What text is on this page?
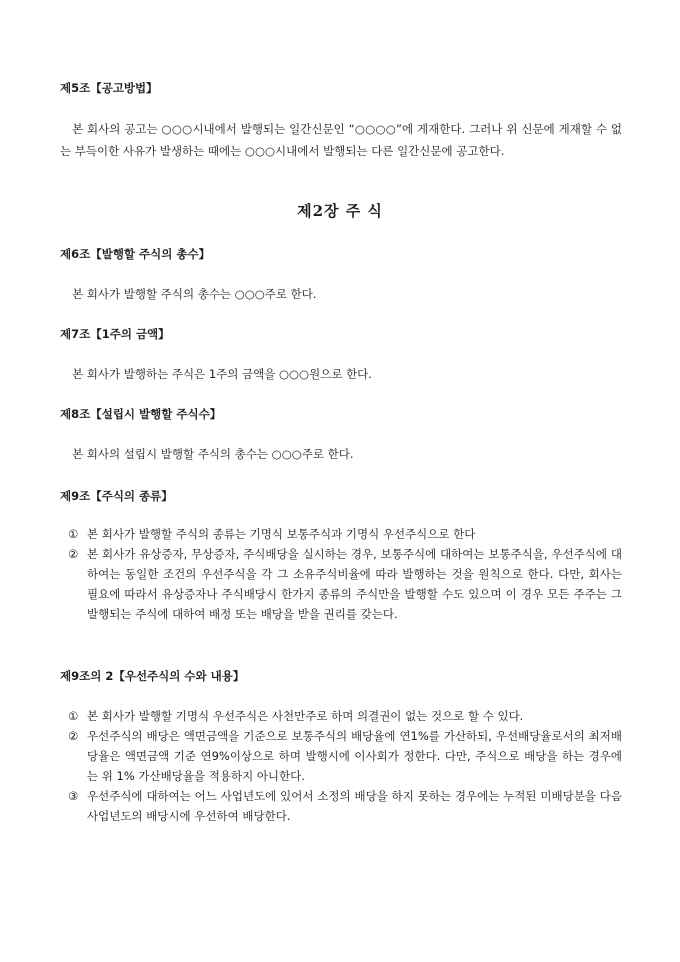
제5조【공고방법】
본 회사의 공고는 ○○○시내에서 발행되는 일간신문인 “○○○○”에 게재한다. 그러나 위 신문에 게재할 수 없는 부득이한 사유가 발생하는 때에는 ○○○시내에서 발행되는 다른 일간신문에 공고한다.
제2장 주 식
제6조【발행할 주식의 총수】
본 회사가 발행할 주식의 총수는 ○○○주로 한다.
제7조【1주의 금액】
본 회사가 발행하는 주식은 1주의 금액을 ○○○원으로 한다.
제8조【설립시 발행할 주식수】
본 회사의 설립시 발행할 주식의 총수는 ○○○주로 한다.
제9조【주식의 종류】
① 본 회사가 발행할 주식의 종류는 기명식 보통주식과 기명식 우선주식으로 한다
② 본 회사가 유상증자, 무상증자, 주식배당을 실시하는 경우, 보통주식에 대하여는 보통주식을, 우선주식에 대하여는 동일한 조건의 우선주식을 각 그 소유주식비율에 따라 발행하는 것을 원칙으로 한다. 다만, 회사는 필요에 따라서 유상증자나 주식배당시 한가지 종류의 주식만을 발행할 수도 있으며 이 경우 모든 주주는 그 발행되는 주식에 대하여 배정 또는 배당을 받을 권리를 갖는다.
제9조의 2【우선주식의 수와 내용】
① 본 회사가 발행할 기명식 우선주식은 사천만주로 하며 의결권이 없는 것으로 할 수 있다.
② 우선주식의 배당은 액면금액을 기준으로 보통주식의 배당율에 연1%를 가산하되, 우선배당율로서의 최저배당율은 액면금액 기준 연9%이상으로 하며 발행시에 이사회가 정한다. 다만, 주식으로 배당을 하는 경우에는 위 1% 가산배당율을 적용하지 아니한다.
③ 우선주식에 대하여는 어느 사업년도에 있어서 소정의 배당을 하지 못하는 경우에는 누적된 미배당분을 다음 사업년도의 배당시에 우선하여 배당한다.
